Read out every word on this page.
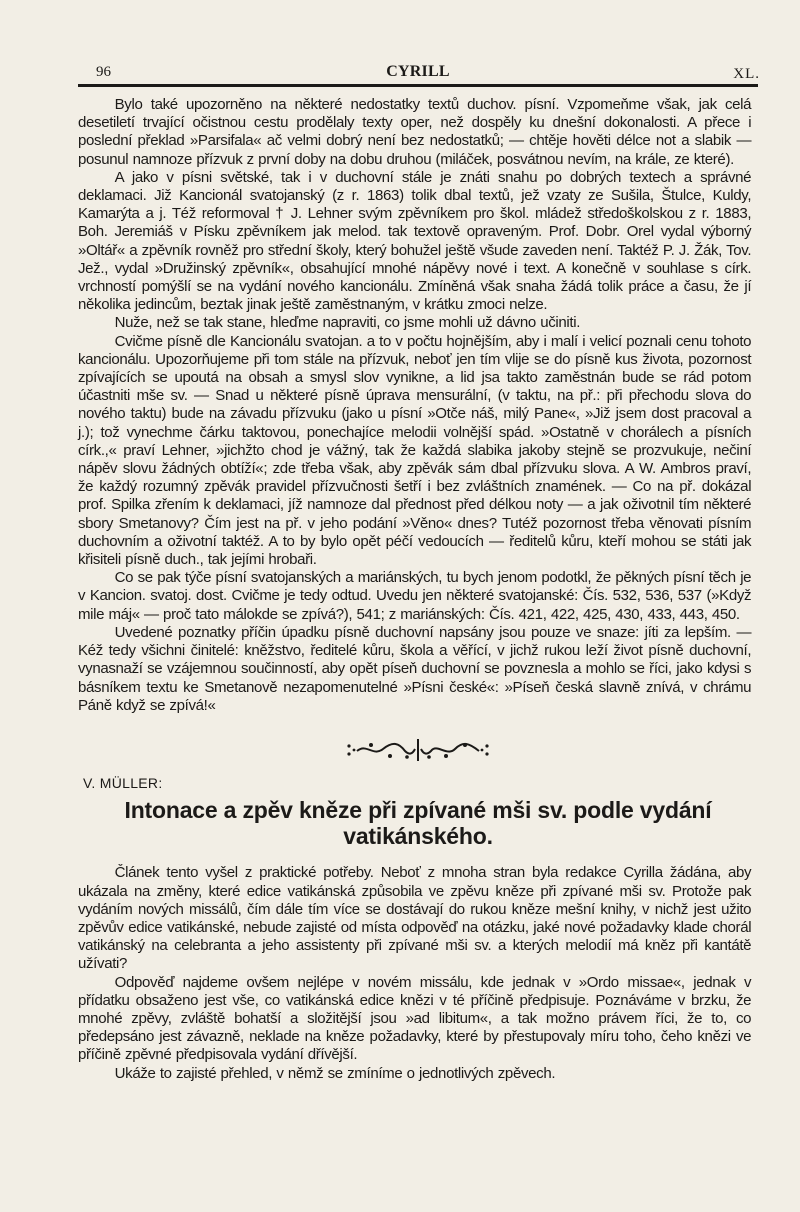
96	CYRILL	XL.

Bylo také upozorněno na některé nedostatky textů duchov. písní. Vzpomeňme však, jak celá desetiletí trvající očistnou cestu prodělaly texty oper, než dospěly ku dnešní dokonalosti. A přece i poslední překlad »Parsifala« ač velmi dobrý není bez nedostatků; — chtěje hověti délce not a slabik — posunul namnoze přízvuk z první doby na dobu druhou (miláček, posvátnou nevím, na krále, ze které).

A jako v písni světské, tak i v duchovní stále je znáti snahu po dobrých textech a správné deklamaci. Již Kancionál svatojanský (z r. 1863) tolik dbal textů, jež vzaty ze Sušila, Štulce, Kuldy, Kamarýta a j. Též reformoval † J. Lehner svým zpěvníkem pro škol. mládež středoškolskou z r. 1883, Boh. Jeremiáš v Písku zpěvníkem jak melod. tak textově opraveným. Prof. Dobr. Orel vydal výborný »Oltář« a zpěvník rovněž pro střední školy, který bohužel ještě všude zaveden není. Taktéž P. J. Žák, Tov. Jež., vydal »Družinský zpěvník«, obsahující mnohé nápěvy nové i text. A konečně v souhlase s círk. vrchností pomýšlí se na vydání nového kancionálu. Zmíněná však snaha žádá tolik práce a času, že jí několika jedincům, beztak jinak ještě zaměstnaným, v krátku zmoci nelze.

Nuže, než se tak stane, hleďme napraviti, co jsme mohli už dávno učiniti.

Cvičme písně dle Kancionálu svatojan. a to v počtu hojnějším, aby i malí i velicí poznali cenu tohoto kancionálu. Upozorňujeme při tom stále na přízvuk, neboť jen tím vlije se do písně kus života, pozornost zpívajících se upoutá na obsah a smysl slov vynikne, a lid jsa takto zaměstnán bude se rád potom účastniti mše sv. — Snad u některé písně úprava mensurální, (v taktu, na př.: při přechodu slova do nového taktu) bude na závadu přízvuku (jako u písní »Otče náš, milý Pane«, »Již jsem dost pracoval a j.); tož vynechme čárku taktovou, ponechajíce melodii volnější spád. »Ostatně v chorálech a písních círk.,« praví Lehner, »jichžto chod je vážný, tak že každá slabika jakoby stejně se prozvukuje, nečiní nápěv slovu žádných obtíží«; zde třeba však, aby zpěvák sám dbal přízvuku slova. A W. Ambros praví, že každý rozumný zpěvák pravidel přízvučnosti šetří i bez zvláštních znamének. — Co na př. dokázal prof. Spilka zřením k deklamaci, jíž namnoze dal přednost před délkou noty — a jak oživotnil tím některé sbory Smetanovy? Čím jest na př. v jeho podání »Věno« dnes? Tutéž pozornost třeba věnovati písním duchovním a oživotní taktéž. A to by bylo opět péčí vedoucích — ředitelů kůru, kteří mohou se státi jak křisiteli písně duch., tak jejími hrobaři.

Co se pak týče písní svatojanských a mariánských, tu bych jenom podotkl, že pěkných písní těch je v Kancion. svatoj. dost. Cvičme je tedy odtud. Uvedu jen některé svatojanské: Čís. 532, 536, 537 (»Když mile máj« — proč tato málokde se zpívá?), 541; z mariánských: Čís. 421, 422, 425, 430, 433, 443, 450.

Uvedené poznatky příčin úpadku písně duchovní napsány jsou pouze ve snaze: jíti za lepším. — Kéž tedy všichni činitelé: kněžstvo, ředitelé kůru, škola a věřící, v jichž rukou leží život písně duchovní, vynasnaží se vzájemnou součinností, aby opět píseň duchovní se povznesla a mohlo se říci, jako kdysi s básníkem textu ke Smetanově nezapomenutelné »Písni české«: »Píseň česká slavně znívá, v chrámu Páně když se zpívá!«

V. MÜLLER:
Intonace a zpěv kněze při zpívané mši sv. podle vydání vatikánského.

Článek tento vyšel z praktické potřeby. Neboť z mnoha stran byla redakce Cyrilla žádána, aby ukázala na změny, které edice vatikánská způsobila ve zpěvu kněze při zpívané mši sv. Protože pak vydáním nových missálů, čím dále tím více se dostávají do rukou kněze mešní knihy, v nichž jest užito zpěvův edice vatikánské, nebude zajisté od místa odpověď na otázku, jaké nové požadavky klade chorál vatikánský na celebranta a jeho assistenty při zpívané mši sv. a kterých melodií má kněz při kantátě užívati?

Odpověď najdeme ovšem nejlépe v novém missálu, kde jednak v »Ordo missae«, jednak v přídatku obsaženo jest vše, co vatikánská edice knězi v té příčině předpisuje. Poznáváme v brzku, že mnohé zpěvy, zvláště bohatší a složitější jsou »ad libitum«, a tak možno právem říci, že to, co předepsáno jest závazně, neklade na kněze požadavky, které by přestupovaly míru toho, čeho knězi ve příčině zpěvné předpisovala vydání dřívější.

Ukáže to zajisté přehled, v němž se zmíníme o jednotlivých zpěvech.
